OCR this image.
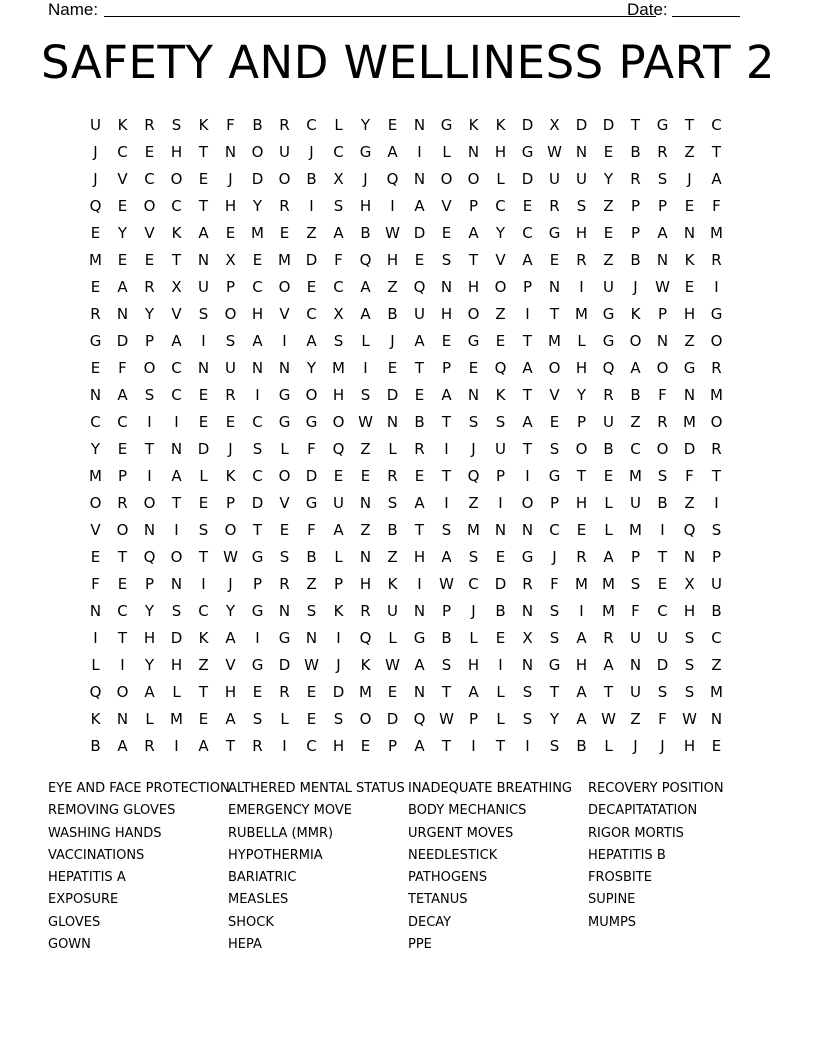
Name:	Date:
SAFETY AND WELLINESS PART 2
U	K	R	S	K	F	B	R	C	L	Y	E	N	G	K	K	D	X	D	D	T	G	T	C
J	C	E	H	T	N	O	U	J	C	G	A	I	L	N	H	G W N	E	B	R	Z	T
J	V	C	O	E	J	D	O	B	X	J	Q	N	O	O	L	D	U	U	Y	R	S	J	A
Q	E	O	C	T	H	Y	R	I	S	H	I	A	V	P	C	E	R	S	Z	P	P	E	F
E	Y	V	K	A	E	M	E	Z	A	B W D	E	A	Y	C	G	H	E	P	A	N M
M	E	E	T	N	X	E	M D	F	Q	H	E	S	T	V	A	E	R	Z	B	N	K	R
E	A	R	X	U	P	C	O	E	C	A	Z	Q	N	H	O	P	N	I	U	J	W E	I
R	N	Y	V	S	O	H	V	C	X	A	B	U	H	O	Z	I	T	M G	K	P	H	G
G	D	P	A	I	S	A	I	A	S	L	J	A	E	G	E	T	M	L	G	O	N	Z	O
E	F	O	C	N	U	N	N	Y	M	I	E	T	P	E	Q	A	O	H	Q	A	O	G	R
N	A	S	C	E	R	I	G	O	H	S	D	E	A	N	K	T	V	Y	R	B	F	N M
C	C	I	I	E	E	C	G	G	O W N	B	T	S	S	A	E	P	U	Z	R	M O
Y	E	T	N	D	J	S	L	F	Q	Z	L	R	I	J	U	T	S	O	B	C	O	D	R
M	P	I	A	L	K	C	O	D	E	E	R	E	T	Q	P	I	G	T	E	M	S	F	T
O	R	O	T	E	P	D	V	G	U	N	S	A	I	Z	I	O	P	H	L	U	B	Z	I
V	O	N	I	S	O	T	E	F	A	Z	B	T	S	M N	N	C	E	L	M	I	Q	S
E	T	Q	O	T	W G	S	B	L	N	Z	H	A	S	E	G	J	R	A	P	T	N	P
F	E	P	N	I	J	P	R	Z	P	H	K	I	W C	D	R	F	M M	S	E	X	U
N	C	Y	S	C	Y	G	N	S	K	R	U	N	P	J	B	N	S	I	M	F	C	H	B
I	T	H	D	K	A	I	G	N	I	Q	L	G	B	L	E	X	S	A	R	U	U	S	C
L	I	Y	H	Z	V	G	D W	J	K W A	S	H	I	N	G	H	A	N	D	S	Z
Q	O	A	L	T	H	E	R	E	D M	E	N	T	A	L	S	T	A	T	U	S	S	M
K	N	L	M	E	A	S	L	E	S	O	D	Q W	P	L	S	Y	A W Z	F	W N
B	A	R	I	A	T	R	I	C	H	E	P	A	T	I	T	I	S	B	L	J	J	H	E
EYE AND FACE PROTECTION
REMOVING GLOVES
WASHING HANDS
VACCINATIONS
HEPATITIS A
EXPOSURE
GLOVES
GOWN
ALTHERED MENTAL STATUS
EMERGENCY MOVE
RUBELLA (MMR)
HYPOTHERMIA
BARIATRIC
MEASLES
SHOCK
HEPA
INADEQUATE BREATHING
BODY MECHANICS
URGENT MOVES
NEEDLESTICK
PATHOGENS
TETANUS
DECAY
PPE
RECOVERY POSITION
DECAPITATATION
RIGOR MORTIS
HEPATITIS B
FROSBITE
SUPINE
MUMPS
